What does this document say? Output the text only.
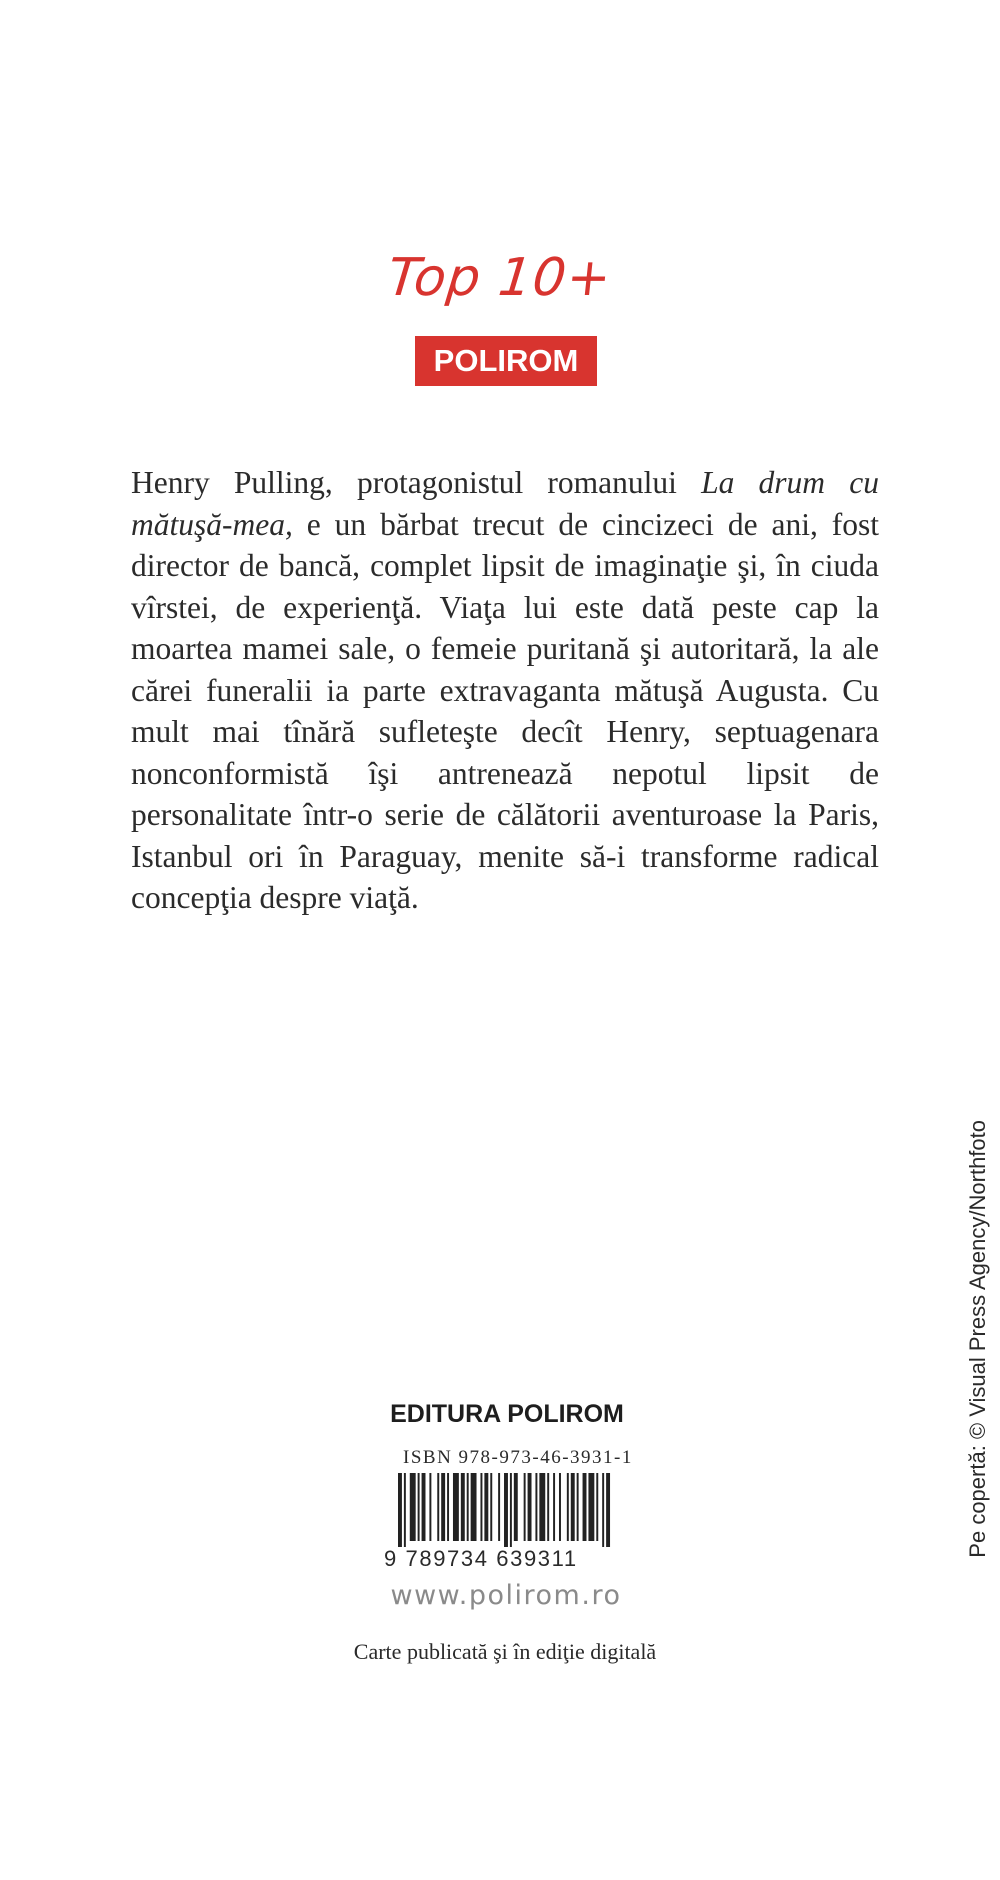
Top 10+
POLIROM

Henry Pulling, protagonistul romanului La drum cu mătuşă-mea, e un bărbat trecut de cincizeci de ani, fost director de bancă, complet lipsit de imaginaţie şi, în ciuda vîrstei, de experienţă. Viaţa lui este dată peste cap la moartea mamei sale, o femeie puritană şi autoritară, la ale cărei funeralii ia parte extravaganta mătuşă Augusta. Cu mult mai tînără sufleteşte decît Henry, septuagenara nonconformistă îşi antrenează nepotul lipsit de personalitate într-o serie de călătorii aventuroase la Paris, Istanbul ori în Paraguay, menite să-i transforme radical concepţia despre viaţă.

Pe copertă: © Visual Press Agency/Northfoto
EDITURA POLIROM
ISBN 978-973-46-3931-1
9 789734 639311
www.polirom.ro
Carte publicată şi în ediţie digitală
